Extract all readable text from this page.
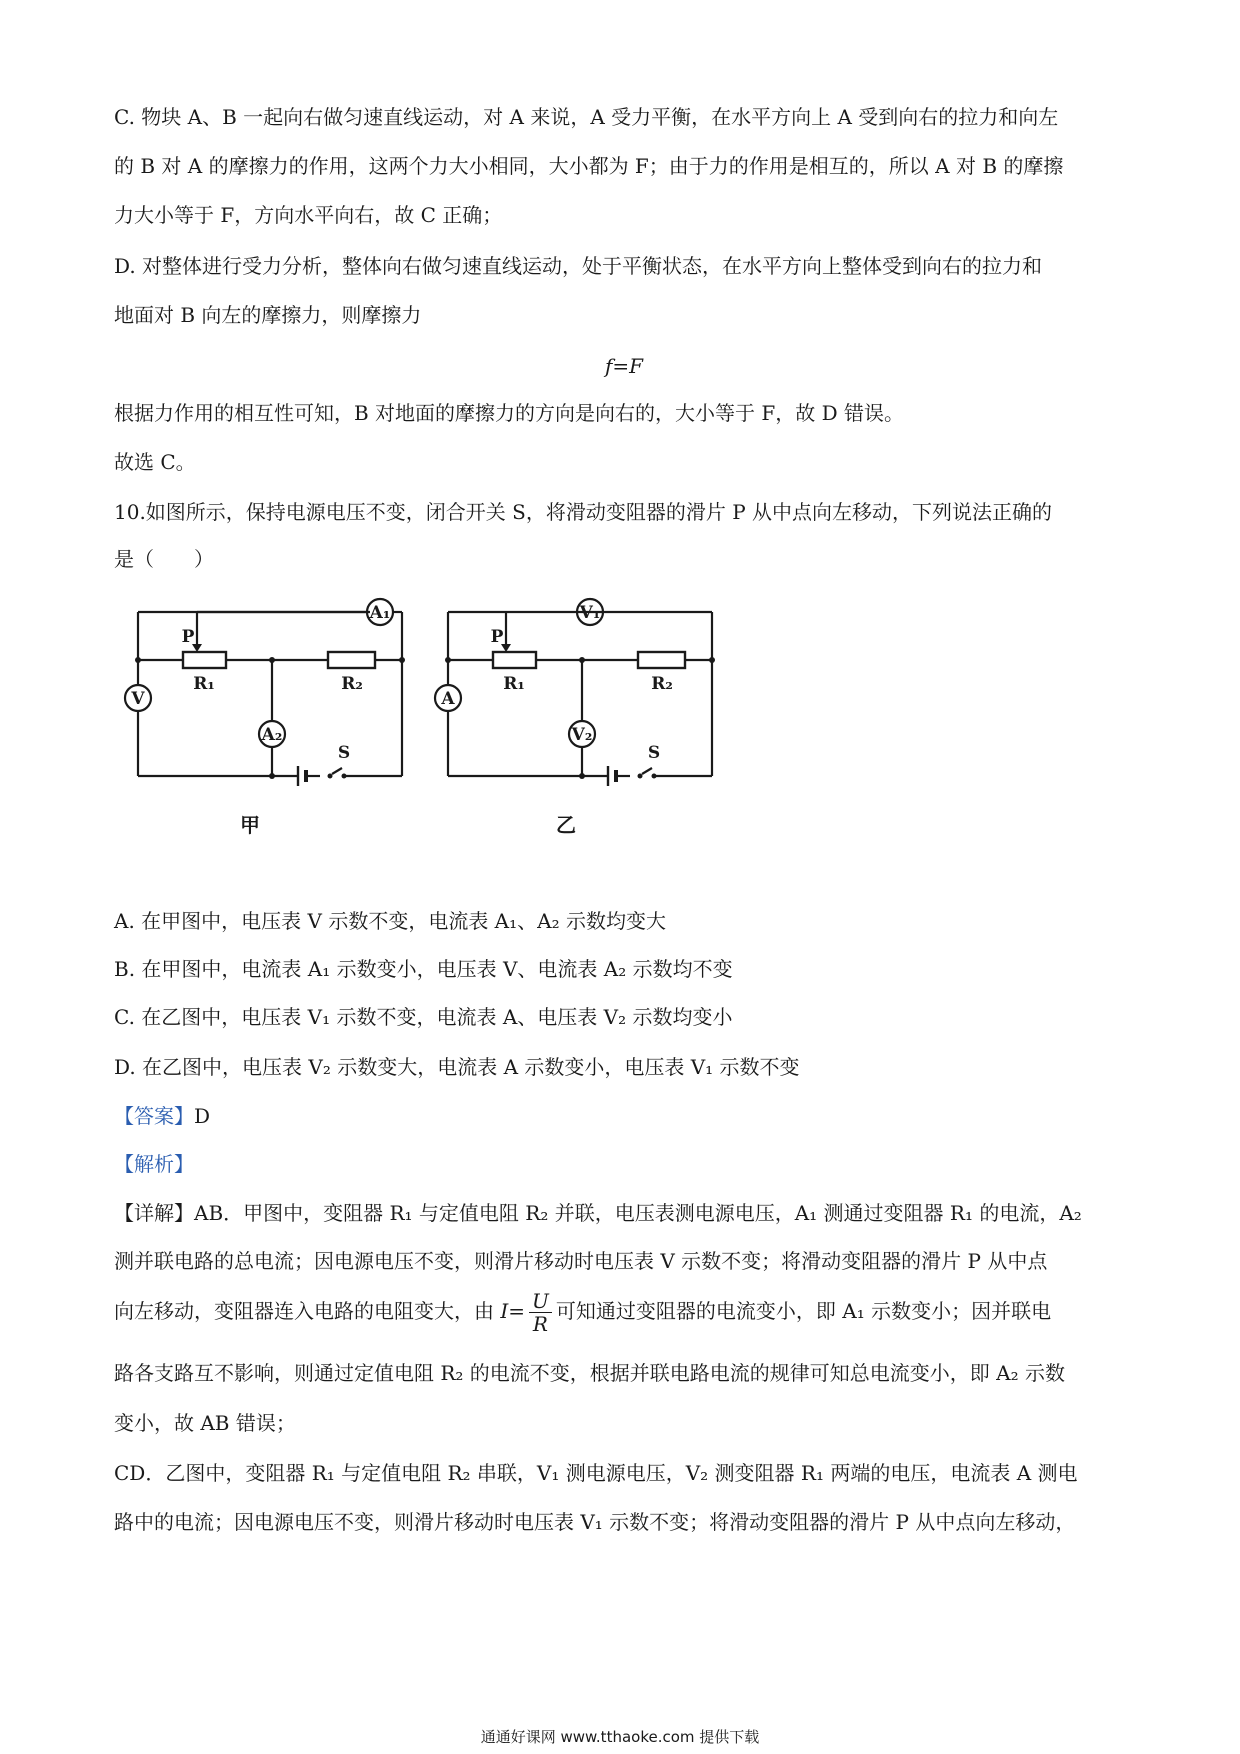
C. 物块 A、B 一起向右做匀速直线运动，对 A 来说，A 受力平衡，在水平方向上 A 受到向右的拉力和向左
的 B 对 A 的摩擦力的作用，这两个力大小相同，大小都为 F；由于力的作用是相互的，所以 A 对 B 的摩擦
力大小等于 F，方向水平向右，故 C 正确；
D. 对整体进行受力分析，整体向右做匀速直线运动，处于平衡状态，在水平方向上整体受到向右的拉力和
地面对 B 向左的摩擦力，则摩擦力
f=F
根据力作用的相互性可知，B 对地面的摩擦力的方向是向右的，大小等于 F，故 D 错误。
故选 C。
10.如图所示，保持电源电压不变，闭合开关 S，将滑动变阻器的滑片 P 从中点向左移动，下列说法正确的
是（　　）
A₁
V
A₂
P
R₁	R₂
S
甲
V₁
A
V₂
P
R₁	R₂
S
乙
A. 在甲图中，电压表 V 示数不变，电流表 A₁、A₂ 示数均变大
B. 在甲图中，电流表 A₁ 示数变小，电压表 V、电流表 A₂ 示数均不变
C. 在乙图中，电压表 V₁ 示数不变，电流表 A、电压表 V₂ 示数均变小
D. 在乙图中，电压表 V₂ 示数变大，电流表 A 示数变小，电压表 V₁ 示数不变
【答案】D
【解析】
【详解】AB．甲图中，变阻器 R₁ 与定值电阻 R₂ 并联，电压表测电源电压，A₁ 测通过变阻器 R₁ 的电流，A₂
测并联电路的总电流；因电源电压不变，则滑片移动时电压表 V 示数不变；将滑动变阻器的滑片 P 从中点
向左移动，变阻器连入电路的电阻变大，由 $I= \frac{U}{R}$ 可知通过变阻器的电流变小，即 A₁ 示数变小；因并联电
路各支路互不影响，则通过定值电阻 R₂ 的电流不变，根据并联电路电流的规律可知总电流变小，即 A₂ 示数
变小，故 AB 错误；
CD．乙图中，变阻器 R₁ 与定值电阻 R₂ 串联，V₁ 测电源电压，V₂ 测变阻器 R₁ 两端的电压，电流表 A 测电
路中的电流；因电源电压不变，则滑片移动时电压表 V₁ 示数不变；将滑动变阻器的滑片 P 从中点向左移动，
通通好课网 www.tthaoke.com 提供下载
